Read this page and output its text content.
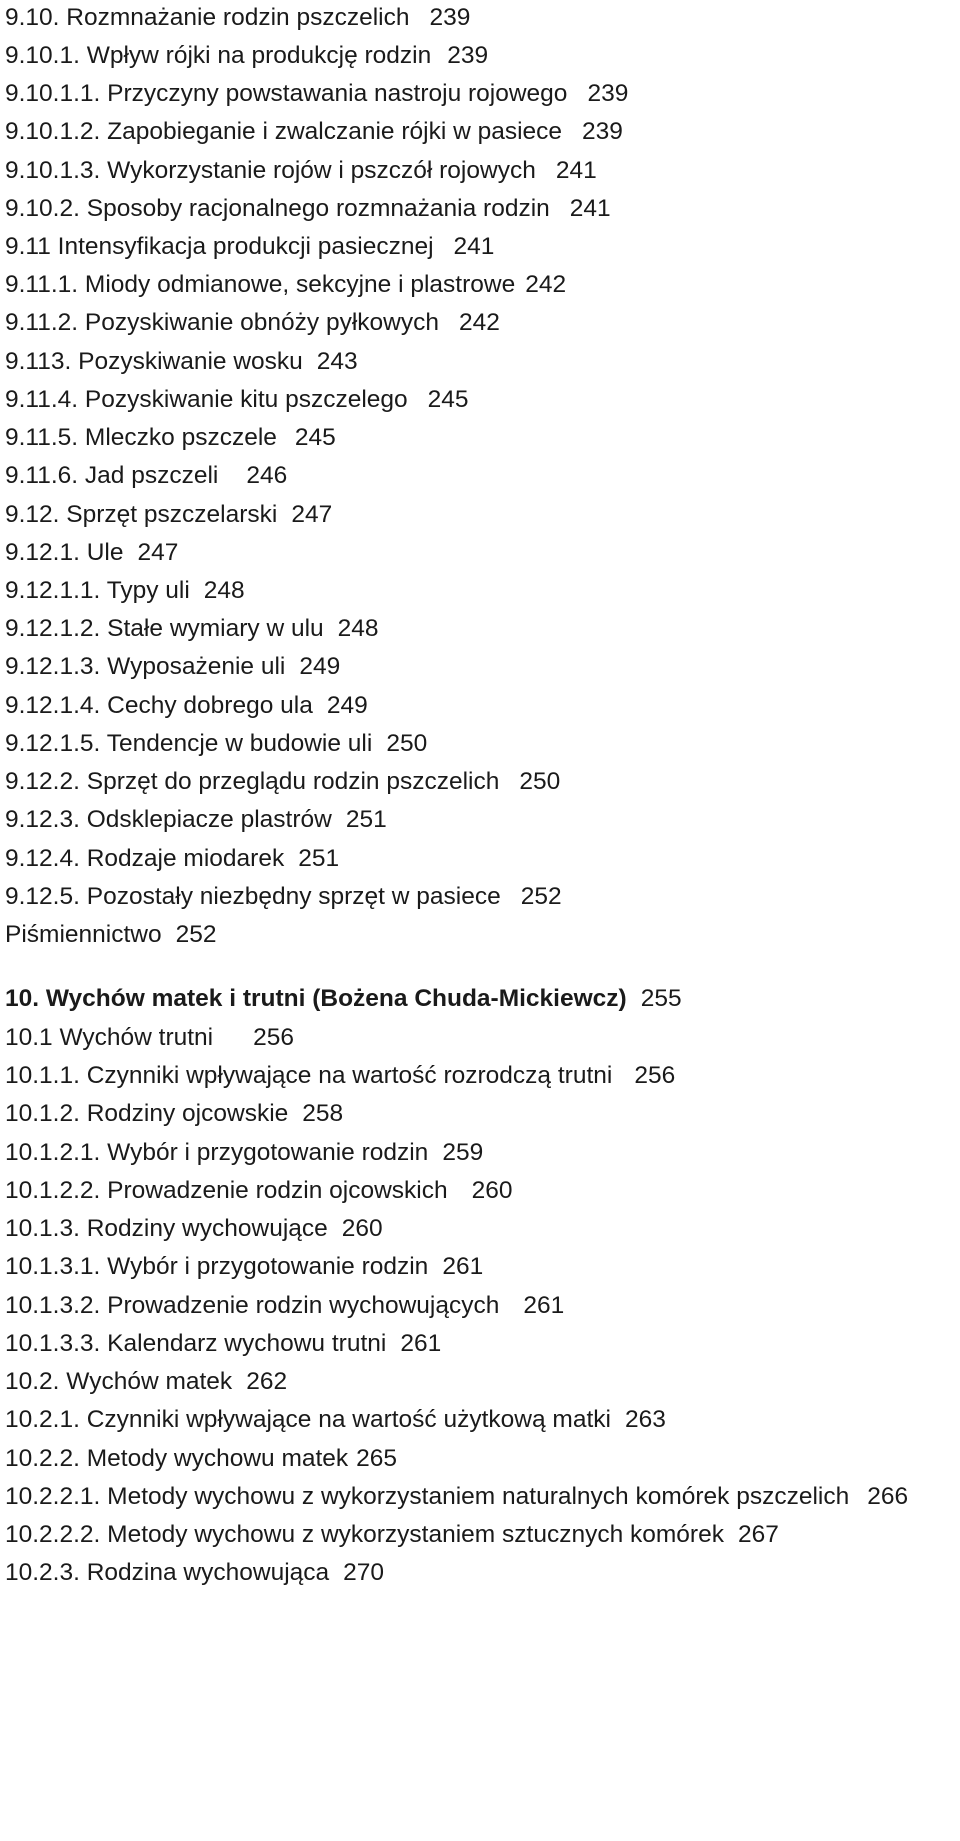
9.10. Rozmnażanie rodzin pszczelich 239
9.10.1. Wpływ rójki na produkcję rodzin 239
9.10.1.1. Przyczyny powstawania nastroju rojowego 239
9.10.1.2. Zapobieganie i zwalczanie rójki w pasiece 239
9.10.1.3. Wykorzystanie rojów i pszczół rojowych 241
9.10.2. Sposoby racjonalnego rozmnażania rodzin 241
9.11 Intensyfikacja produkcji pasiecznej 241
9.11.1. Miody odmianowe, sekcyjne i plastrowe 242
9.11.2. Pozyskiwanie obnóży pyłkowych 242
9.113. Pozyskiwanie wosku 243
9.11.4. Pozyskiwanie kitu pszczelego 245
9.11.5. Mleczko pszczele 245
9.11.6. Jad pszczeli 246
9.12. Sprzęt pszczelarski 247
9.12.1. Ule 247
9.12.1.1. Typy uli 248
9.12.1.2. Stałe wymiary w ulu 248
9.12.1.3. Wyposażenie uli 249
9.12.1.4. Cechy dobrego ula 249
9.12.1.5. Tendencje w budowie uli 250
9.12.2. Sprzęt do przeglądu rodzin pszczelich 250
9.12.3. Odsklepiacze plastrów 251
9.12.4. Rodzaje miodarek 251
9.12.5. Pozostały niezbędny sprzęt w pasiece 252
Piśmiennictwo 252
10. Wychów matek i trutni (Bożena Chuda-Mickiewcz) 255
10.1 Wychów trutni 256
10.1.1. Czynniki wpływające na wartość rozrodczą trutni 256
10.1.2. Rodziny ojcowskie 258
10.1.2.1. Wybór i przygotowanie rodzin 259
10.1.2.2. Prowadzenie rodzin ojcowskich 260
10.1.3. Rodziny wychowujące 260
10.1.3.1. Wybór i przygotowanie rodzin 261
10.1.3.2. Prowadzenie rodzin wychowujących 261
10.1.3.3. Kalendarz wychowu trutni 261
10.2. Wychów matek 262
10.2.1. Czynniki wpływające na wartość użytkową matki 263
10.2.2. Metody wychowu matek 265
10.2.2.1. Metody wychowu z wykorzystaniem naturalnych komórek pszczelich 266
10.2.2.2. Metody wychowu z wykorzystaniem sztucznych komórek 267
10.2.3. Rodzina wychowująca 270
